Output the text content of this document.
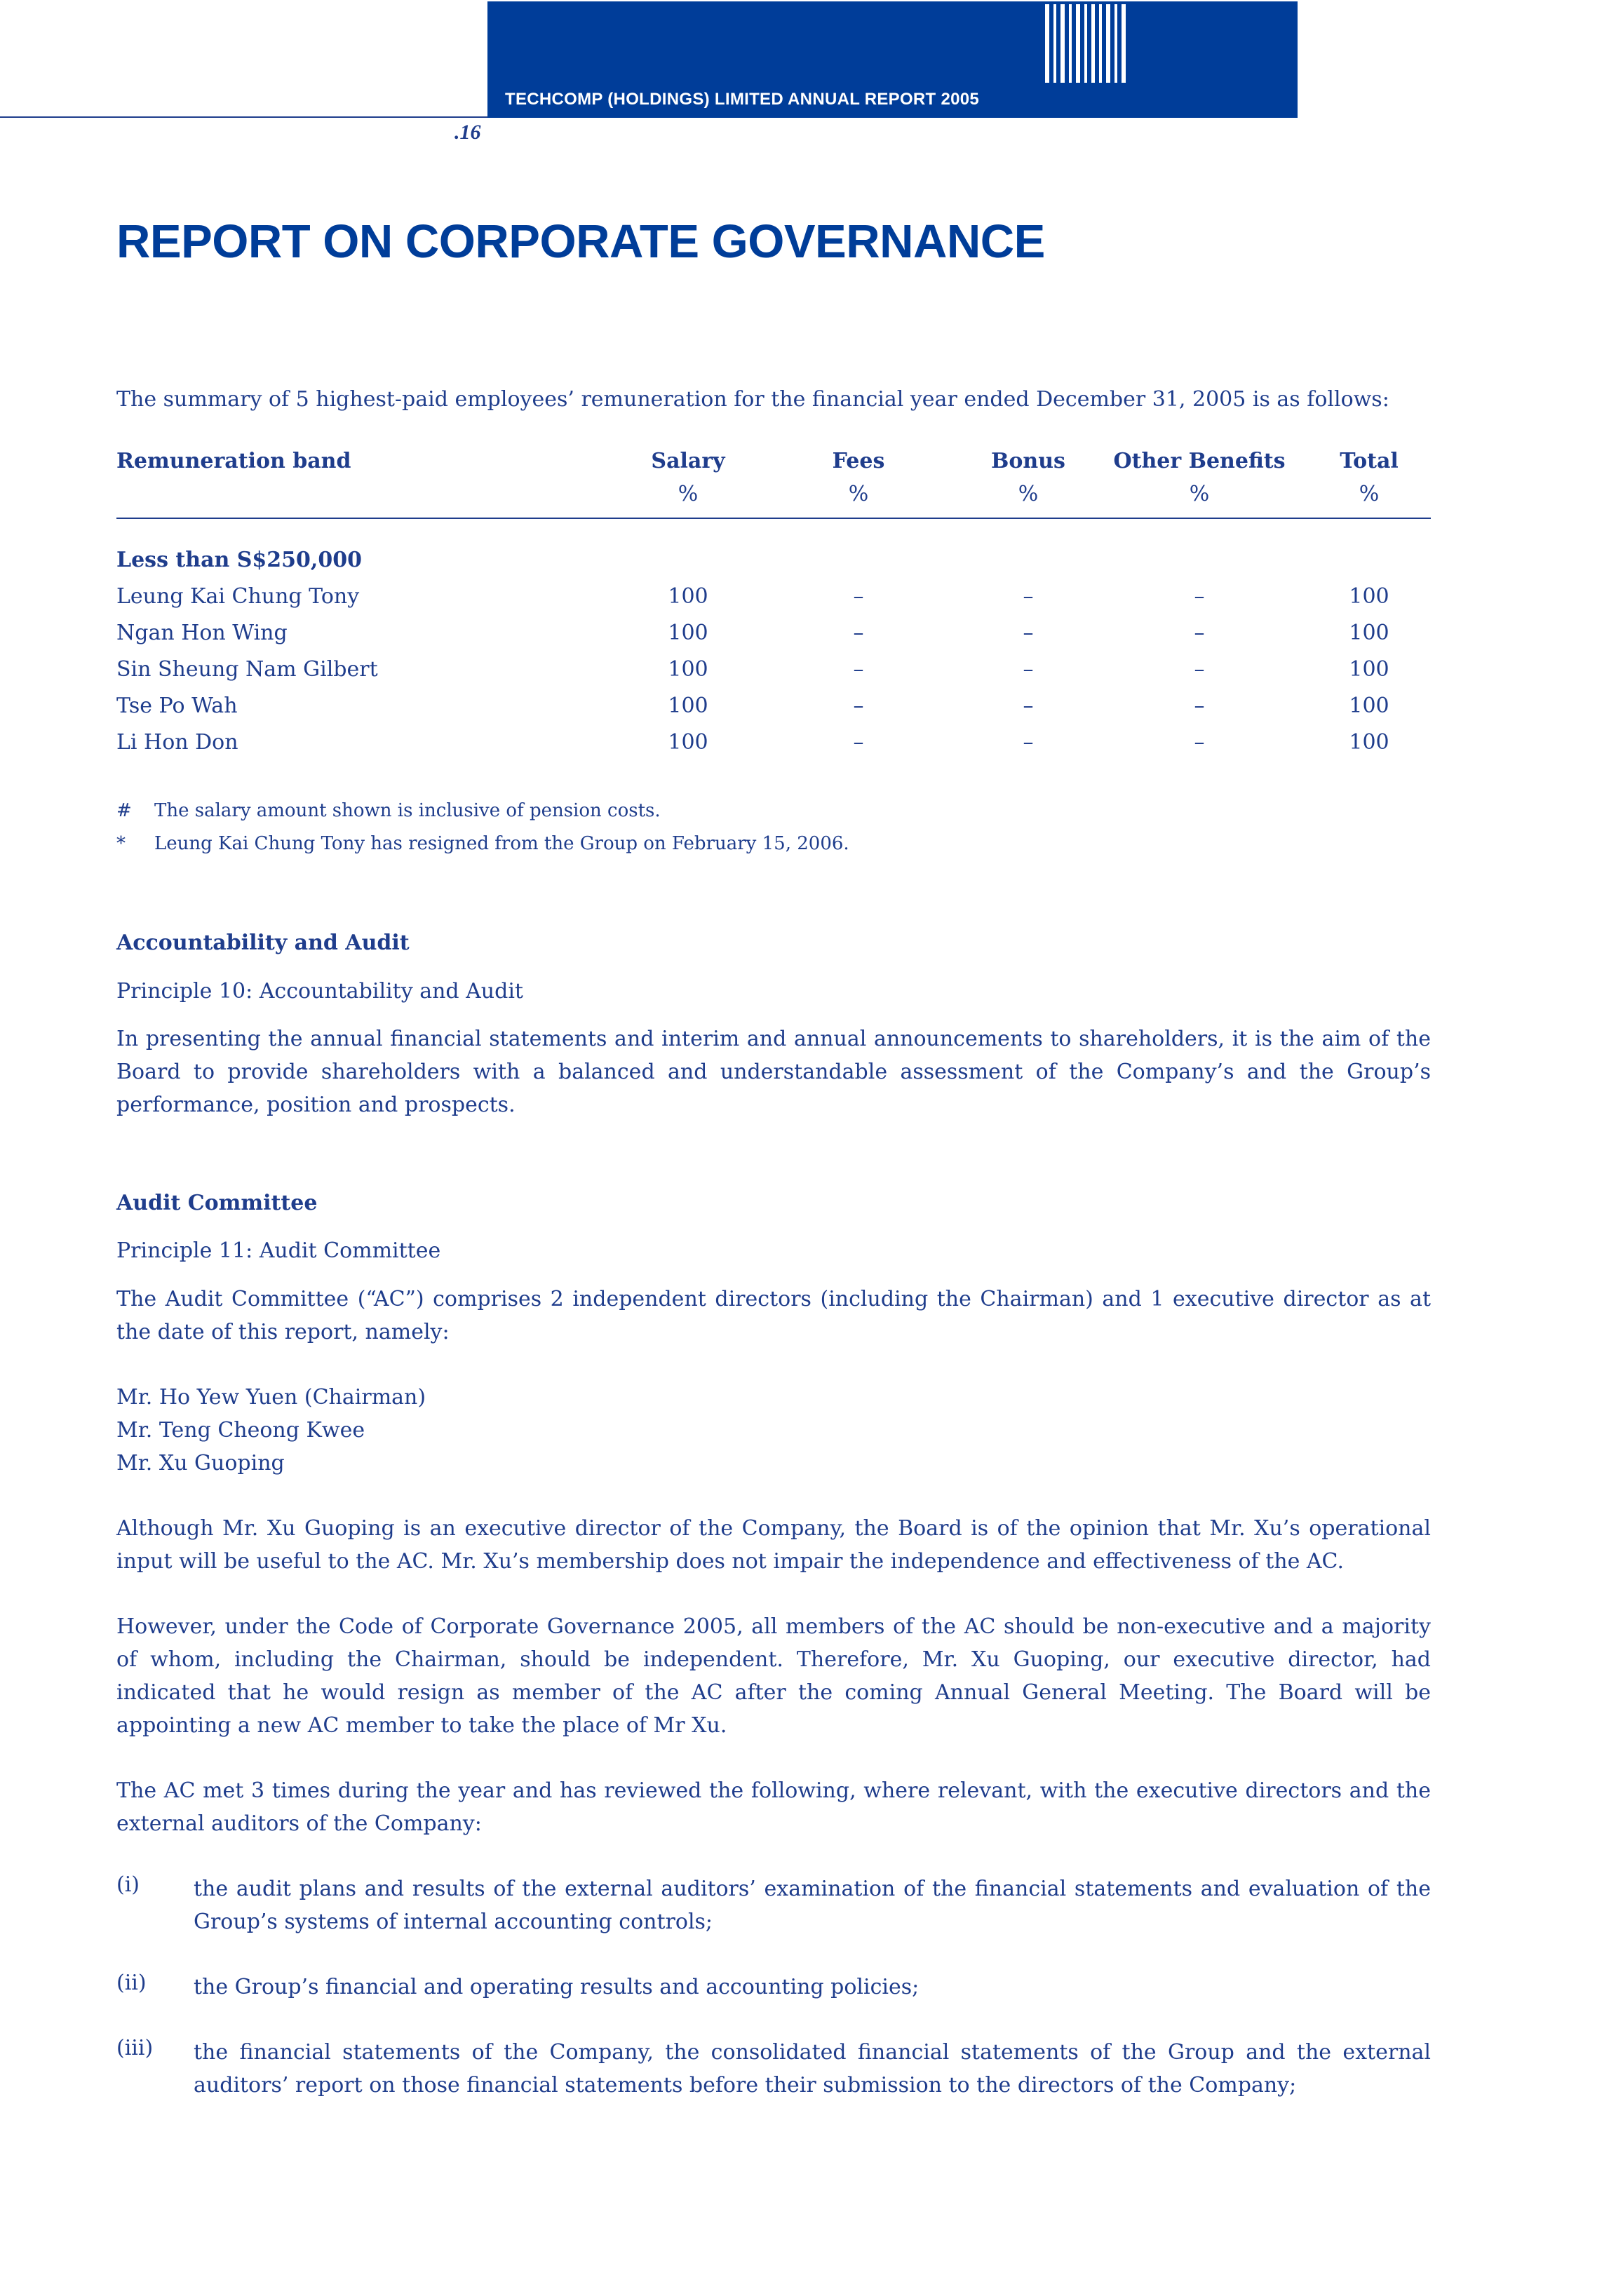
TECHCOMP (HOLDINGS) LIMITED ANNUAL REPORT 2005
.16
REPORT ON CORPORATE GOVERNANCE
The summary of 5 highest-paid employees’ remuneration for the financial year ended December 31, 2005 is as follows:
Remuneration band	Salary	Fees	Bonus	Other Benefits	Total
%	%	%	%	%
Less than S$250,000
Leung Kai Chung Tony	100	–	–	–	100
Ngan Hon Wing	100	–	–	–	100
Sin Sheung Nam Gilbert	100	–	–	–	100
Tse Po Wah	100	–	–	–	100
Li Hon Don	100	–	–	–	100
# The salary amount shown is inclusive of pension costs.
* Leung Kai Chung Tony has resigned from the Group on February 15, 2006.
Accountability and Audit
Principle 10: Accountability and Audit
In presenting the annual financial statements and interim and annual announcements to shareholders, it is the aim of the Board to provide shareholders with a balanced and understandable assessment of the Company’s and the Group’s performance, position and prospects.
Audit Committee
Principle 11: Audit Committee
The Audit Committee (“AC”) comprises 2 independent directors (including the Chairman) and 1 executive director as at the date of this report, namely:
Mr. Ho Yew Yuen (Chairman)
Mr. Teng Cheong Kwee
Mr. Xu Guoping
Although Mr. Xu Guoping is an executive director of the Company, the Board is of the opinion that Mr. Xu’s operational input will be useful to the AC. Mr. Xu’s membership does not impair the independence and effectiveness of the AC.
However, under the Code of Corporate Governance 2005, all members of the AC should be non-executive and a majority of whom, including the Chairman, should be independent. Therefore, Mr. Xu Guoping, our executive director, had indicated that he would resign as member of the AC after the coming Annual General Meeting. The Board will be appointing a new AC member to take the place of Mr Xu.
The AC met 3 times during the year and has reviewed the following, where relevant, with the executive directors and the external auditors of the Company:
(i)	the audit plans and results of the external auditors’ examination of the financial statements and evaluation of the Group’s systems of internal accounting controls;
(ii) the Group’s financial and operating results and accounting policies;
(iii) the financial statements of the Company, the consolidated financial statements of the Group and the external auditors’ report on those financial statements before their submission to the directors of the Company;
